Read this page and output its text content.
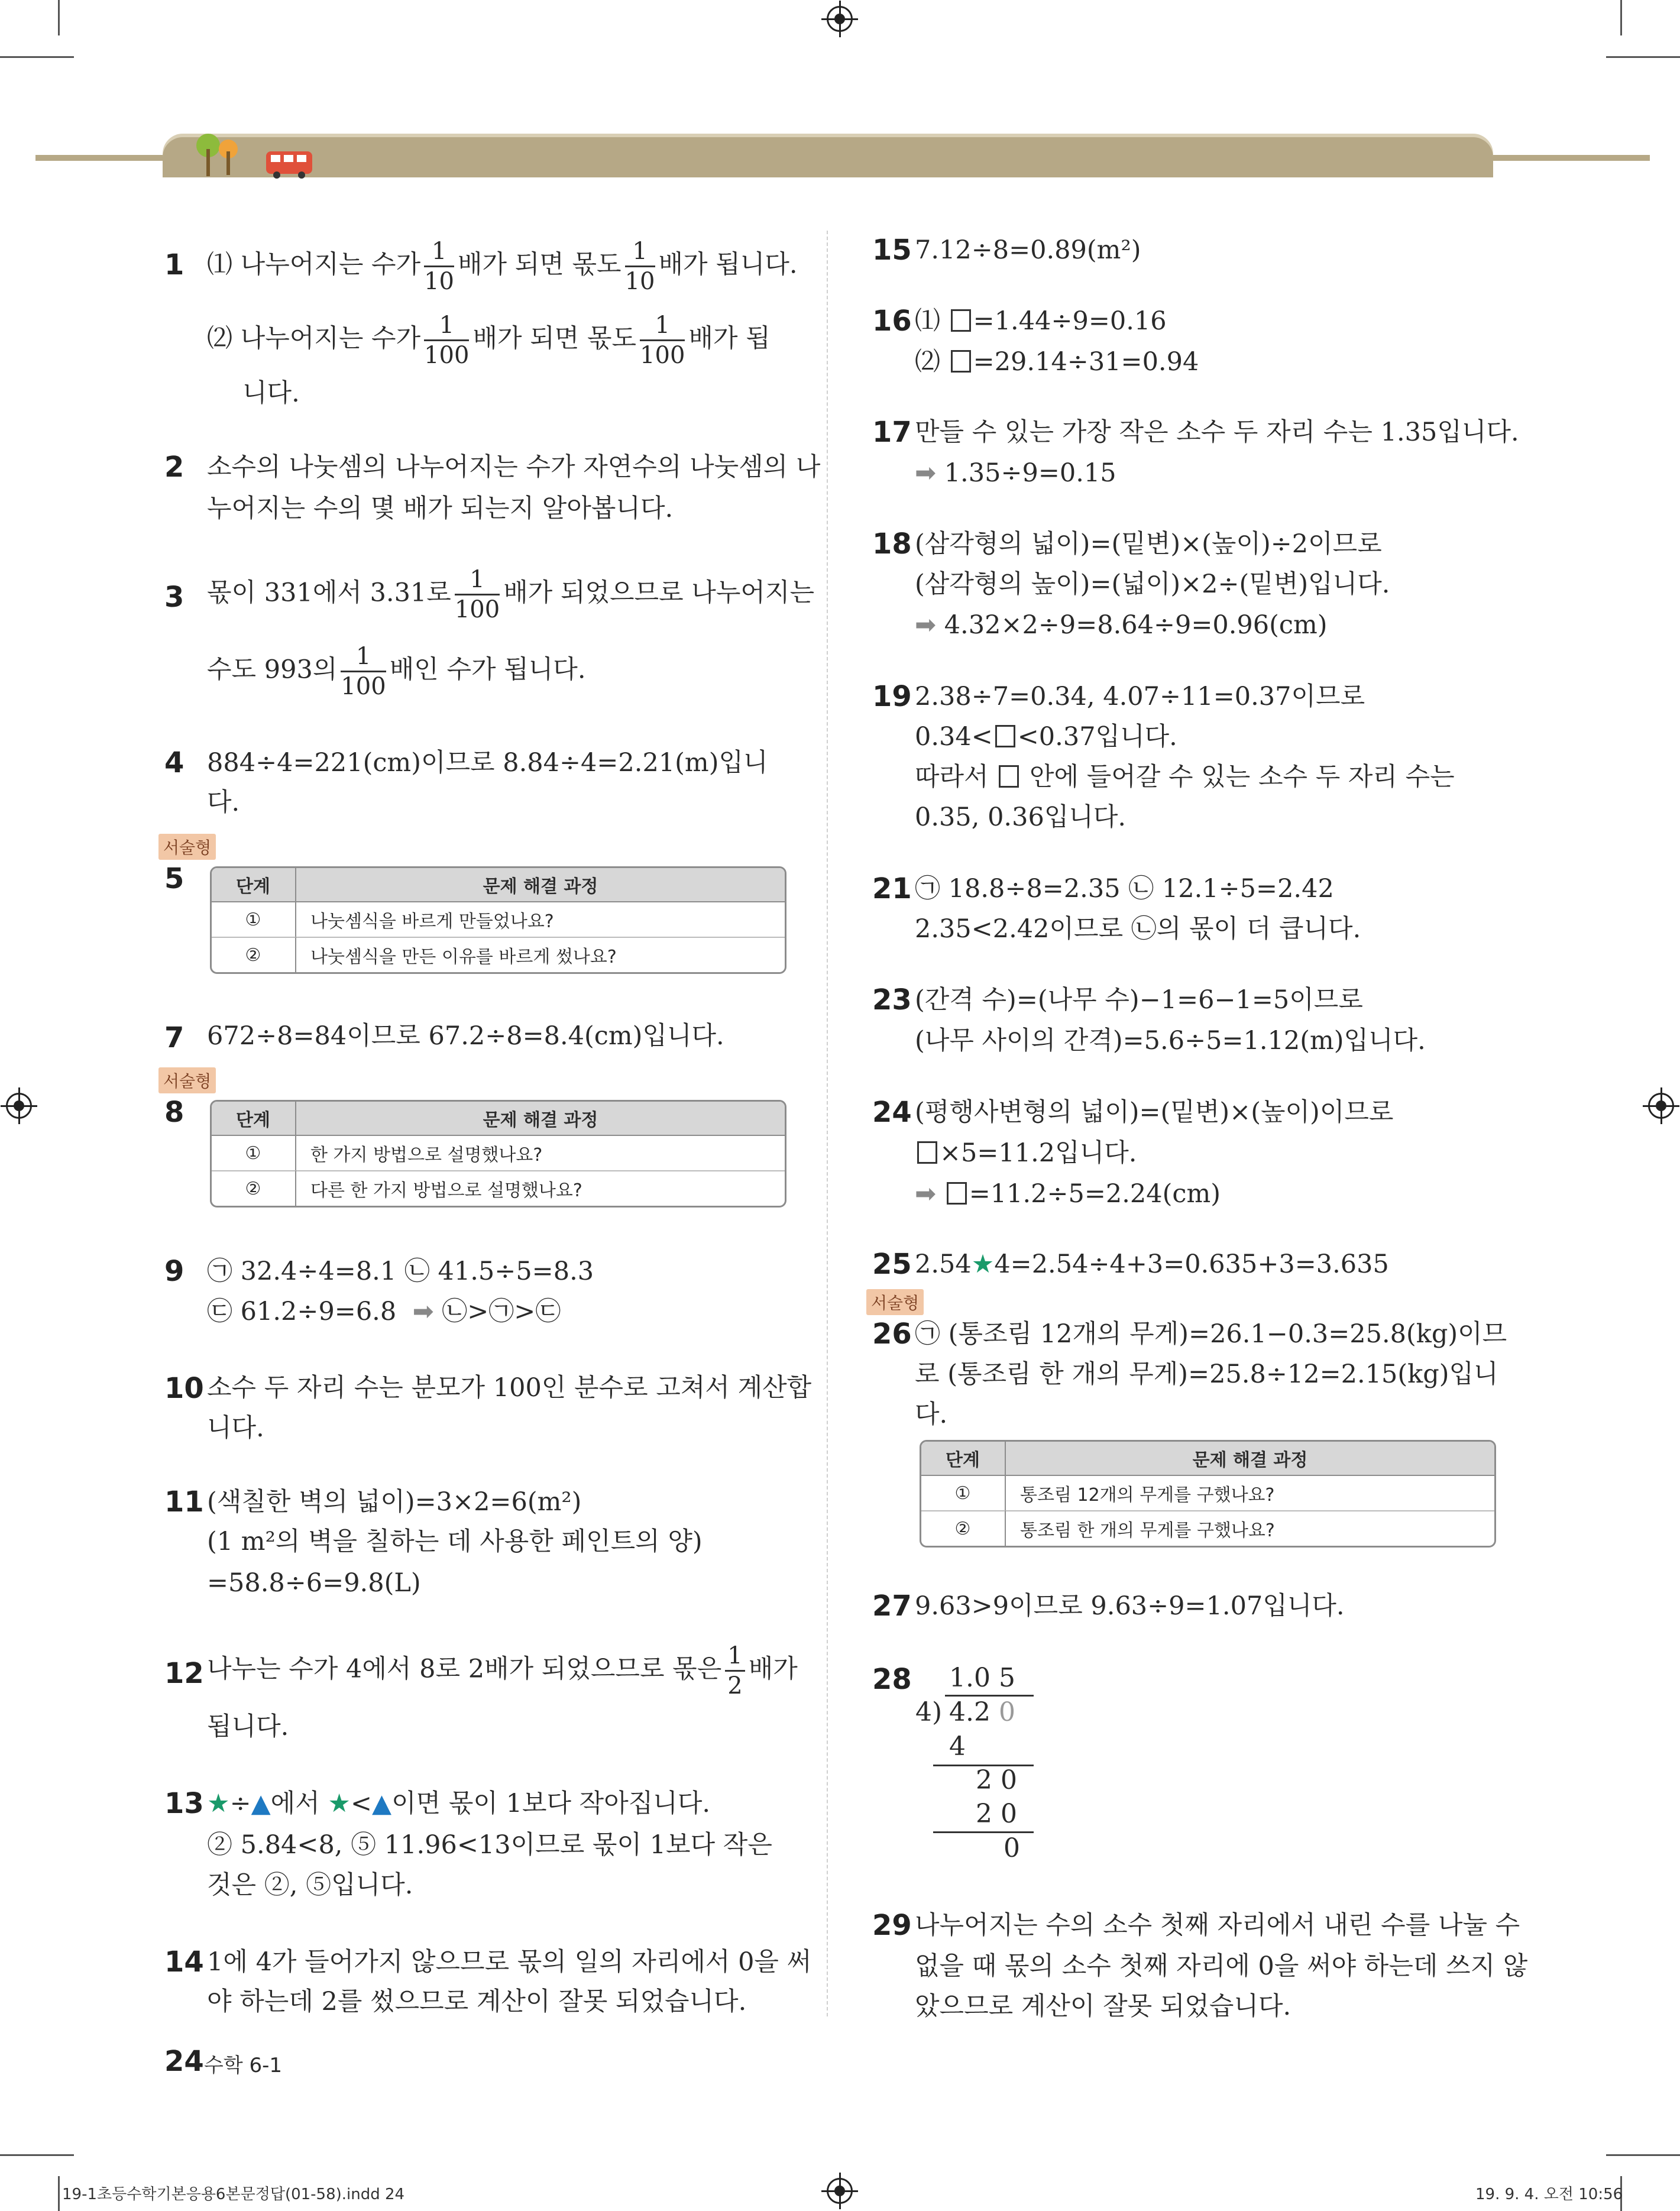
1 ⑴ 나누어지는 수가 $\frac{1}{10}$ 배가 되면 몫도 $\frac{1}{10}$ 배가 됩니다.
⑵ 나누어지는 수가 $\frac{1}{100}$ 배가 되면 몫도 $\frac{1}{100}$ 배가 됩
니다.
2 소수의 나눗셈의 나누어지는 수가 자연수의 나눗셈의 나
누어지는 수의 몇 배가 되는지 알아봅니다.
3 몫이 331에서 3.31로 $\frac{1}{100}$ 배가 되었으므로 나누어지는
수도 993의 $\frac{1}{100}$ 배인 수가 됩니다.
4 884÷4=221(cm)이므로 8.84÷4=2.21(m)입니
다.
서술형
5	단계	문제 해결 과정
①	나눗셈식을 바르게 만들었나요?
②	나눗셈식을 만든 이유를 바르게 썼나요?
7 672÷8=84이므로 67.2÷8=8.4(cm)입니다.
서술형
8	단계	문제 해결 과정
①	한 가지 방법으로 설명했나요?
②	다른 한 가지 방법으로 설명했나요?
9 ㉠ 32.4÷4=8.1 ㉡ 41.5÷5=8.3
㉢ 61.2÷9=6.8 ➡ ㉡>㉠>㉢
10 소수 두 자리 수는 분모가 100인 분수로 고쳐서 계산합
니다.
11 (색칠한 벽의 넓이)=3×2=6(m²)
(1 m²의 벽을 칠하는 데 사용한 페인트의 양)
=58.8÷6=9.8(L)
12 나누는 수가 4에서 8로 2배가 되었으므로 몫은 $\frac{1}{2}$ 배가
됩니다.
13 ★÷▲에서 ★<▲이면 몫이 1보다 작아집니다.
② 5.84<8, ⑤ 11.96<13이므로 몫이 1보다 작은
것은 ②, ⑤입니다.
14 1에 4가 들어가지 않으므로 몫의 일의 자리에서 0을 써
야 하는데 2를 썼으므로 계산이 잘못 되었습니다.
24 수학 6-1
15 7.12÷8=0.89(m²)
16 ⑴ =1.44÷9=0.16
⑵ =29.14÷31=0.94
17 만들 수 있는 가장 작은 소수 두 자리 수는 1.35입니다.
➡ 1.35÷9=0.15
18 (삼각형의 넓이)=(밑변)×(높이)÷2이므로
(삼각형의 높이)=(넓이)×2÷(밑변)입니다.
➡ 4.32×2÷9=8.64÷9=0.96(cm)
19 2.38÷7=0.34, 4.07÷11=0.37이므로
0.34< <0.37입니다.
따라서 안에 들어갈 수 있는 소수 두 자리 수는
0.35, 0.36입니다.
21 ㉠ 18.8÷8=2.35 ㉡ 12.1÷5=2.42
2.35<2.42이므로 ㉡의 몫이 더 큽니다.
23 (간격 수)=(나무 수)−1=6−1=5이므로
(나무 사이의 간격)=5.6÷5=1.12(m)입니다.
24 (평행사변형의 넓이)=(밑변)×(높이)이므로
×5=11.2입니다.
➡ =11.2÷5=2.24(cm)
25 2.54★4=2.54÷4+3=0.635+3=3.635
서술형
26 ㉠ (통조림 12개의 무게)=26.1−0.3=25.8(kg)이므
로 (통조림 한 개의 무게)=25.8÷12=2.15(kg)입니
다.
단계	문제 해결 과정
①	통조림 12개의 무게를 구했나요?
②	통조림 한 개의 무게를 구했나요?
27 9.63>9이므로 9.63÷9=1.07입니다.
28 1.0 5
4) 4.2 0
4
2 0
2 0
0
29 나누어지는 수의 소수 첫째 자리에서 내린 수를 나눌 수
없을 때 몫의 소수 첫째 자리에 0을 써야 하는데 쓰지 않
았으므로 계산이 잘못 되었습니다.
19-1초등수학기본응용6본문정답(01-58).indd 24	19. 9. 4. 오전 10:56
